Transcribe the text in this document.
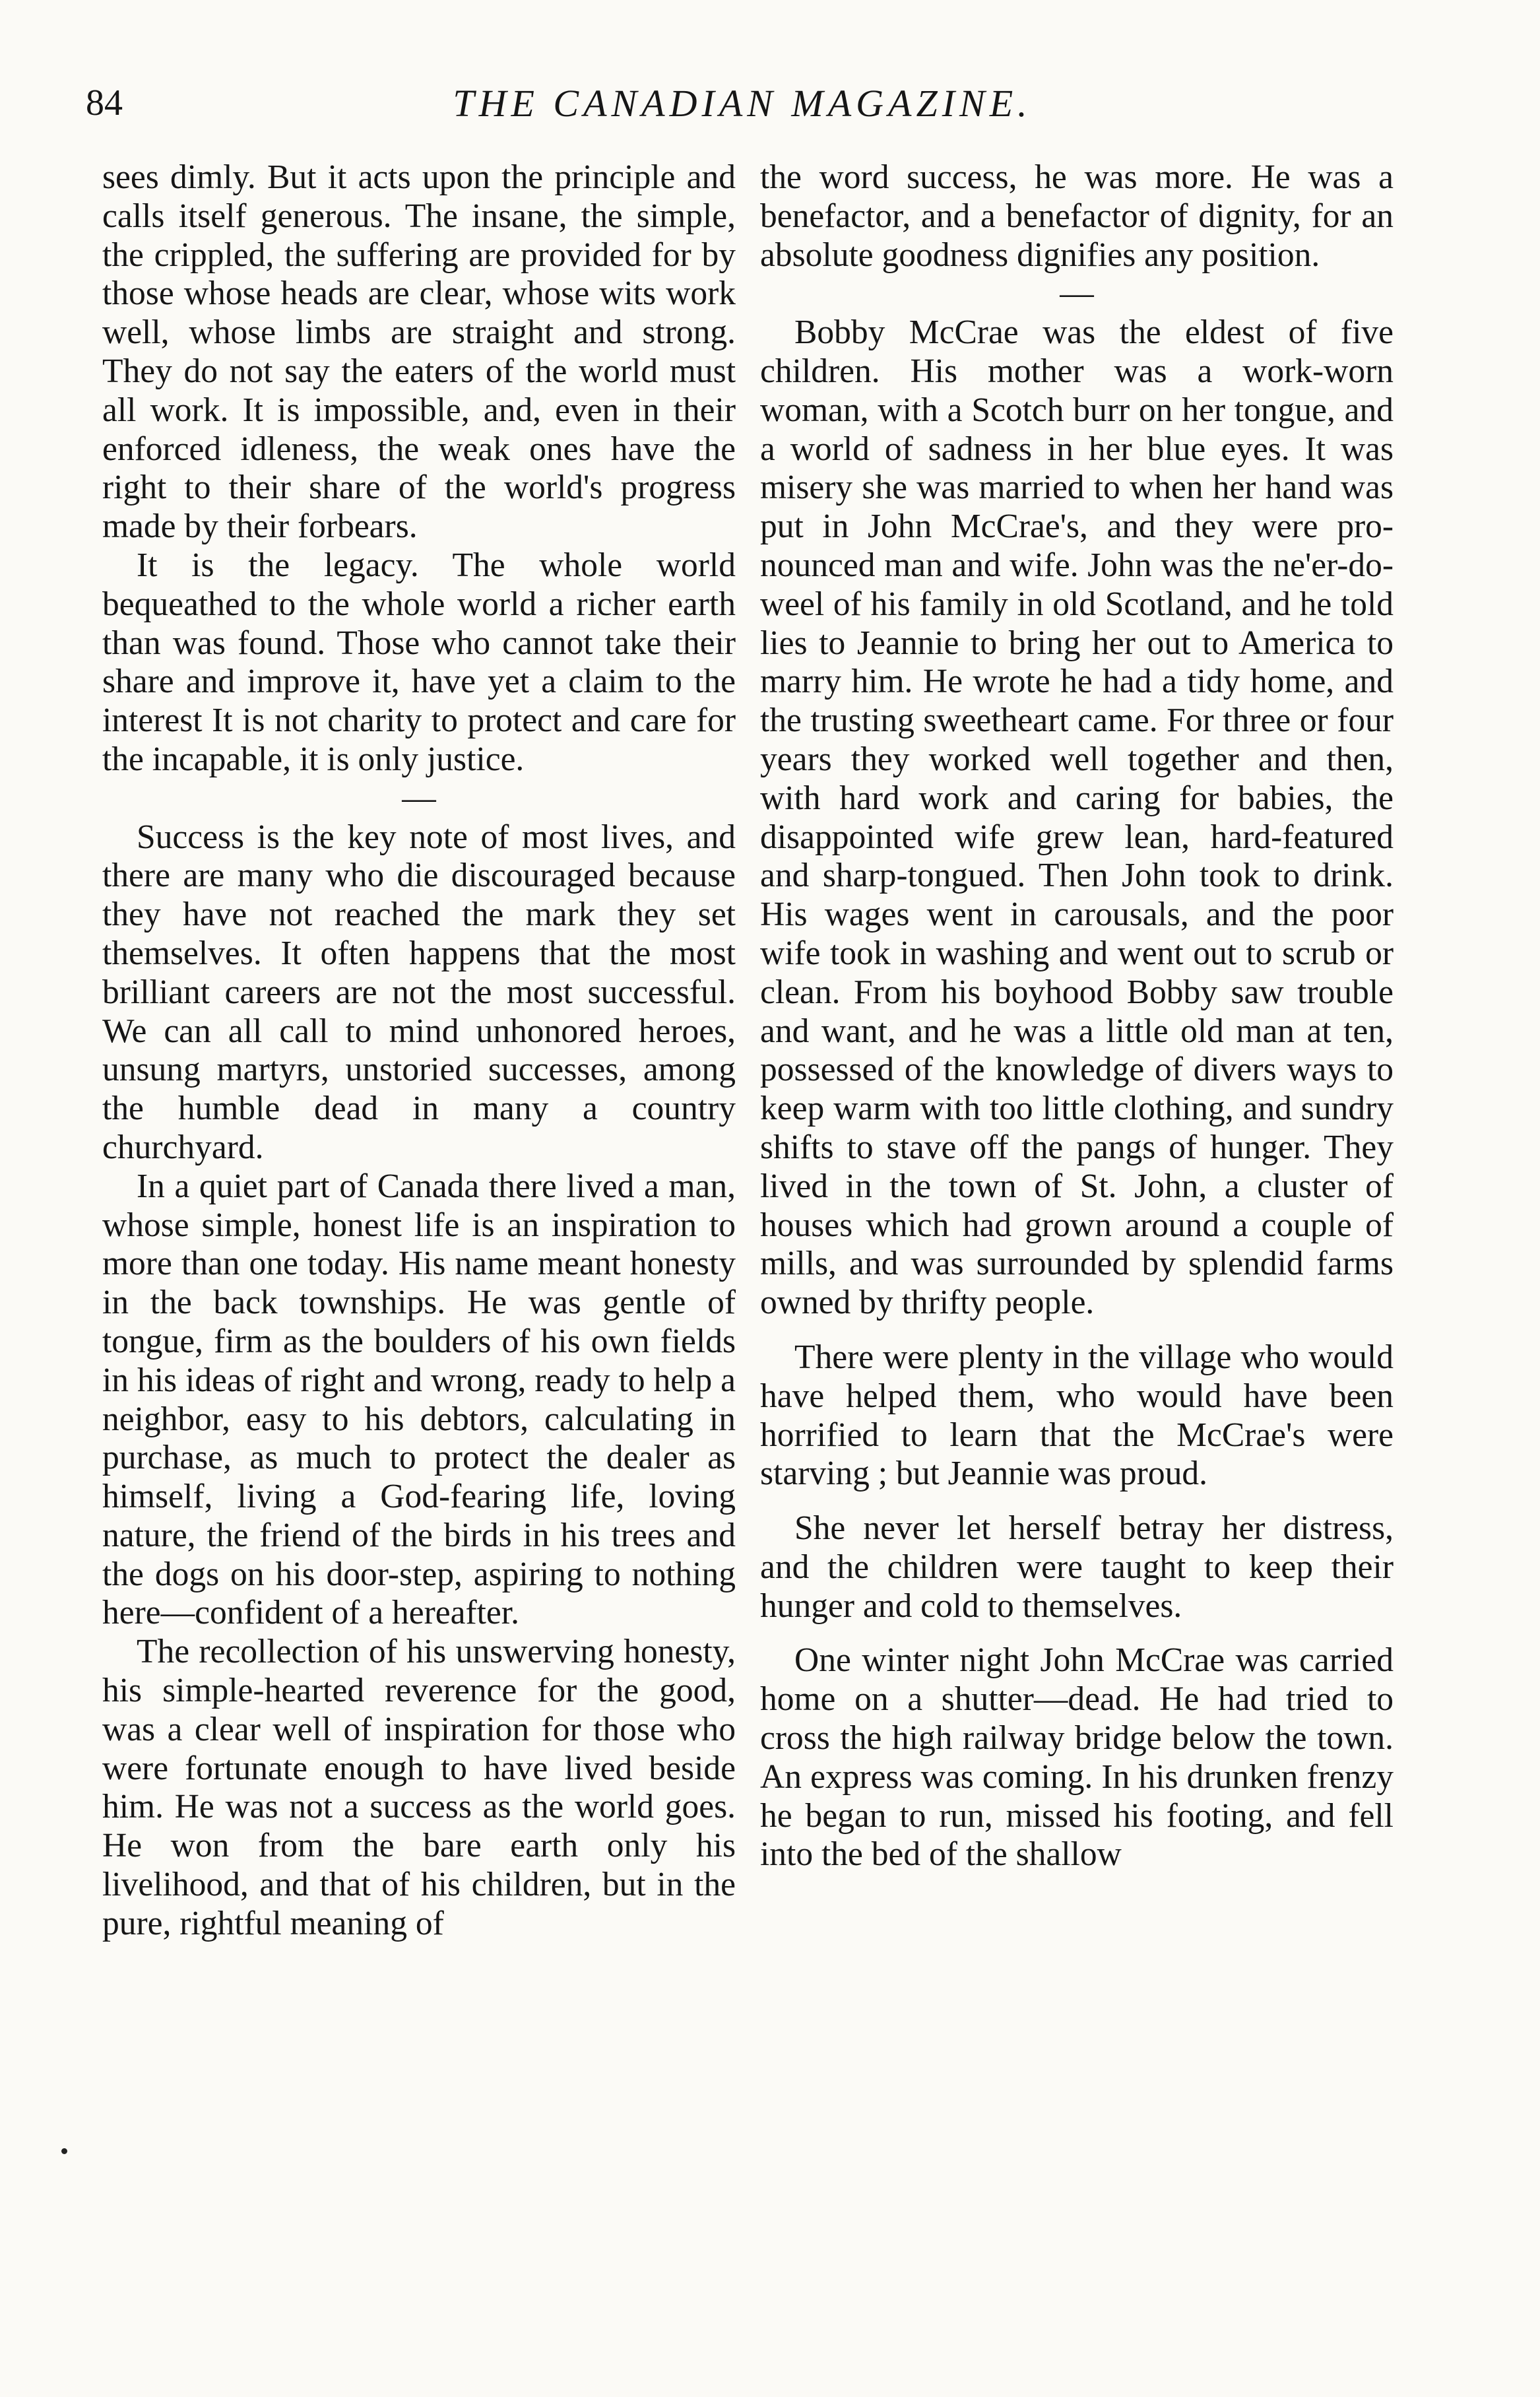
84	THE CANADIAN MAGAZINE.

sees dimly. But it acts upon the principle and calls itself generous. The insane, the simple, the crippled, the suffering are provided for by those whose heads are clear, whose wits work well, whose limbs are straight and strong. They do not say the eaters of the world must all work. It is impossible, and, even in their enforced idleness, the weak ones have the right to their share of the world's progress made by their forbears.

It is the legacy. The whole world bequeathed to the whole world a richer earth than was found. Those who cannot take their share and improve it, have yet a claim to the interest It is not charity to protect and care for the incapable, it is only justice.

—

Success is the key note of most lives, and there are many who die discouraged because they have not reached the mark they set themselves. It often happens that the most brilliant careers are not the most successful. We can all call to mind unhonored heroes, unsung martyrs, unstoried successes, among the humble dead in many a country churchyard.

In a quiet part of Canada there lived a man, whose simple, honest life is an inspiration to more than one today. His name meant honesty in the back townships. He was gentle of tongue, firm as the boulders of his own fields in his ideas of right and wrong, ready to help a neighbor, easy to his debtors, calculating in purchase, as much to protect the dealer as himself, living a God-fearing life, loving nature, the friend of the birds in his trees and the dogs on his door-step, aspiring to nothing here—confident of a hereafter.

The recollection of his unswerving honesty, his simple-hearted reverence for the good, was a clear well of inspiration for those who were fortunate enough to have lived beside him. He was not a success as the world goes. He won from the bare earth only his livelihood, and that of his children, but in the pure, rightful meaning of

the word success, he was more. He was a benefactor, and a benefactor of dignity, for an absolute goodness dignifies any position.

—

Bobby McCrae was the eldest of five children. His mother was a work-worn woman, with a Scotch burr on her tongue, and a world of sadness in her blue eyes. It was misery she was married to when her hand was put in John McCrae's, and they were pronounced man and wife. John was the ne'er-do-weel of his family in old Scotland, and he told lies to Jeannie to bring her out to America to marry him. He wrote he had a tidy home, and the trusting sweetheart came. For three or four years they worked well together and then, with hard work and caring for babies, the disappointed wife grew lean, hard-featured and sharp-tongued. Then John took to drink. His wages went in carousals, and the poor wife took in washing and went out to scrub or clean. From his boyhood Bobby saw trouble and want, and he was a little old man at ten, possessed of the knowledge of divers ways to keep warm with too little clothing, and sundry shifts to stave off the pangs of hunger. They lived in the town of St. John, a cluster of houses which had grown around a couple of mills, and was surrounded by splendid farms owned by thrifty people.

There were plenty in the village who would have helped them, who would have been horrified to learn that the McCrae's were starving ; but Jeannie was proud.

She never let herself betray her distress, and the children were taught to keep their hunger and cold to themselves.

One winter night John McCrae was carried home on a shutter—dead. He had tried to cross the high railway bridge below the town. An express was coming. In his drunken frenzy he began to run, missed his footing, and fell into the bed of the shallow
